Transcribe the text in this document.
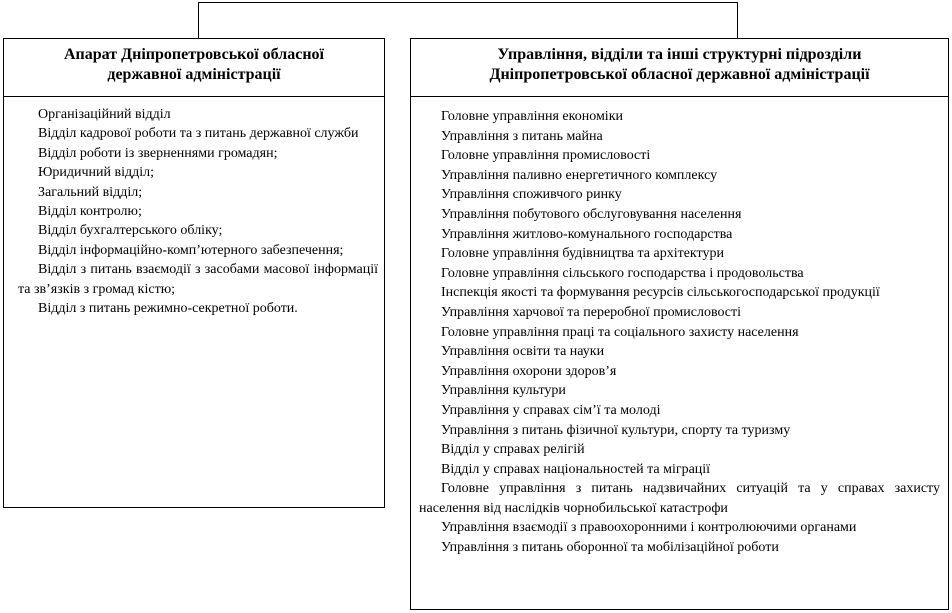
Апарат Дніпропетровської обласної
державної адміністрації
Організаційний відділ
Відділ кадрової роботи та з питань державної служби
Відділ роботи із зверненнями громадян;
Юридичний відділ;
Загальний відділ;
Відділ контролю;
Відділ бухгалтерського обліку;
Відділ інформаційно-комп’ютерного забезпечення;
Відділ з питань взаємодії з засобами масової інформації та зв’язків з громад кістю;
Відділ з питань режимно-секретної роботи.
Управління, відділи та інші структурні підрозділи
Дніпропетровської обласної державної адміністрації
Головне управління економіки
Управління з питань майна
Головне управління промисловості
Управління паливно енергетичного комплексу
Управління споживчого ринку
Управління побутового обслуговування населення
Управління житлово-комунального господарства
Головне управління будівництва та архітектури
Головне управління сільського господарства і продовольства
Інспекція якості та формування ресурсів сільськогосподарської продукції
Управління харчової та переробної промисловості
Головне управління праці та соціального захисту населення
Управління освіти та науки
Управління охорони здоров’я
Управління культури
Управління у справах сім’ї та молоді
Управління з питань фізичної культури, спорту та туризму
Відділ у справах релігій
Відділ у справах національностей та міграції
Головне управління з питань надзвичайних ситуацій та у справах захисту населення від наслідків чорнобильської катастрофи
Управління взаємодії з правоохоронними і контролюючими органами
Управління з питань оборонної та мобілізаційної роботи
